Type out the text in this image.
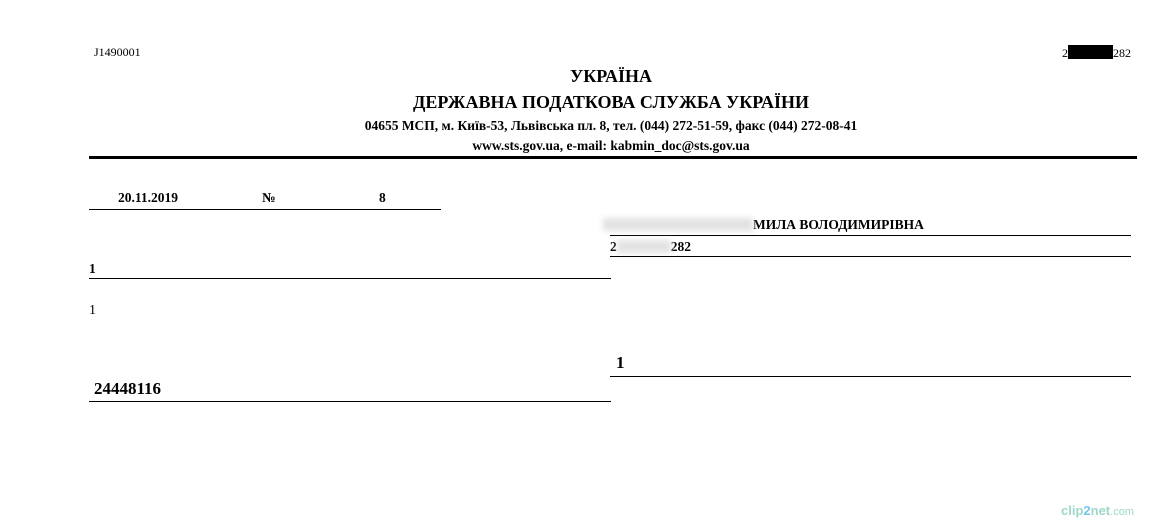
J1490001	2	282
УКРАЇНА
ДЕРЖАВНА ПОДАТКОВА СЛУЖБА УКРАЇНИ
04655 МСП, м. Київ-53, Львівська пл. 8, тел. (044) 272-51-59, факс (044) 272-08-41
www.sts.gov.ua, e-mail: kabmin_doc@sts.gov.ua
20.11.2019	№	8
МИЛА ВОЛОДИМИРІВНА
2	282
1
1
1
24448116
clip2net.com
